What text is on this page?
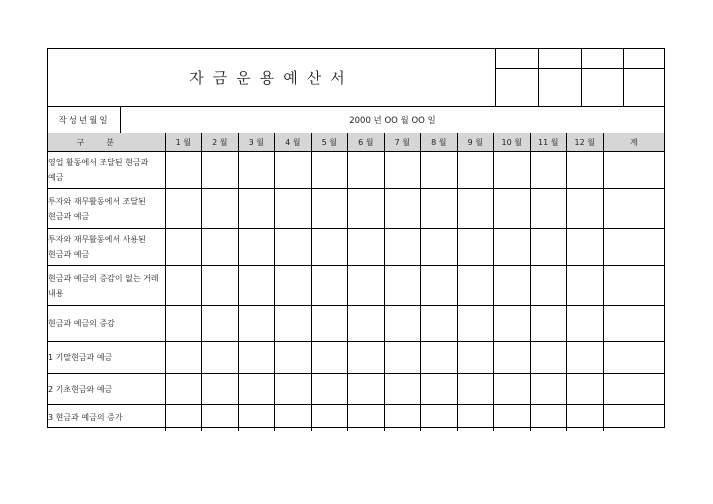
자금운용예산서
작성년월일	2000 년 OO 월 OO 일
구분	1 월	2 월	3 월	4 월	5 월	6 월	7 월	8 월	9 월	10 월	11 월	12 월	계
영업 활동에서 조달된 현금과 예금													
투자와 재무활동에서 조달된 현금과 예금													
투자와 재무활동에서 사용된 현금과 예금													
현금과 예금의 증감이 없는 거래 내용													
현금과 예금의 증감													
1 기말현금과 예금													
2 기초현금와 예금													
3 현금과 예금의 증가													
